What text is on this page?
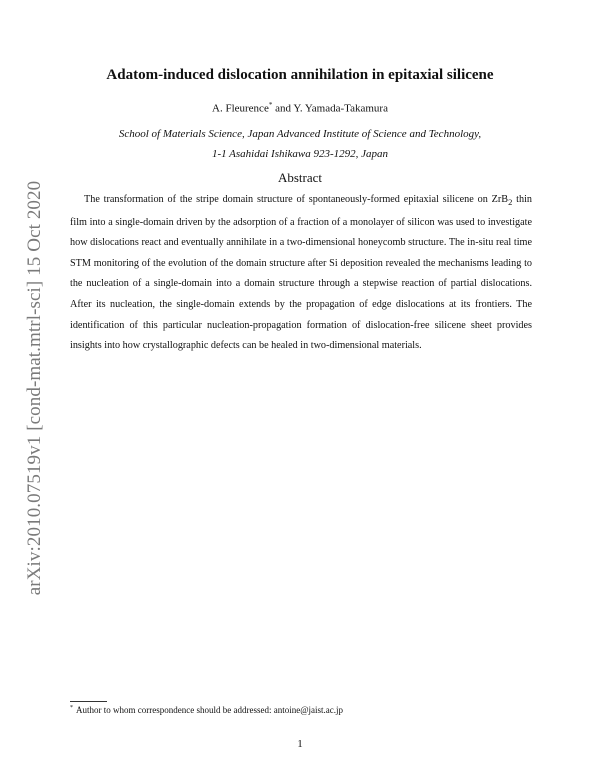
arXiv:2010.07519v1 [cond-mat.mtrl-sci] 15 Oct 2020
Adatom-induced dislocation annihilation in epitaxial silicene
A. Fleurence* and Y. Yamada-Takamura
School of Materials Science, Japan Advanced Institute of Science and Technology,
1-1 Asahidai Ishikawa 923-1292, Japan
Abstract
The transformation of the stripe domain structure of spontaneously-formed epitaxial silicene on ZrB$_2$ thin film into a single-domain driven by the adsorption of a fraction of a monolayer of silicon was used to investigate how dislocations react and eventually annihilate in a two-dimensional honeycomb structure. The in-situ real time STM monitoring of the evolution of the domain structure after Si deposition revealed the mechanisms leading to the nucleation of a single-domain into a domain structure through a stepwise reaction of partial dislocations. After its nucleation, the single-domain extends by the propagation of edge dislocations at its frontiers. The identification of this particular nucleation-propagation formation of dislocation-free silicene sheet provides insights into how crystallographic defects can be healed in two-dimensional materials.
* Author to whom correspondence should be addressed: antoine@jaist.ac.jp
1
